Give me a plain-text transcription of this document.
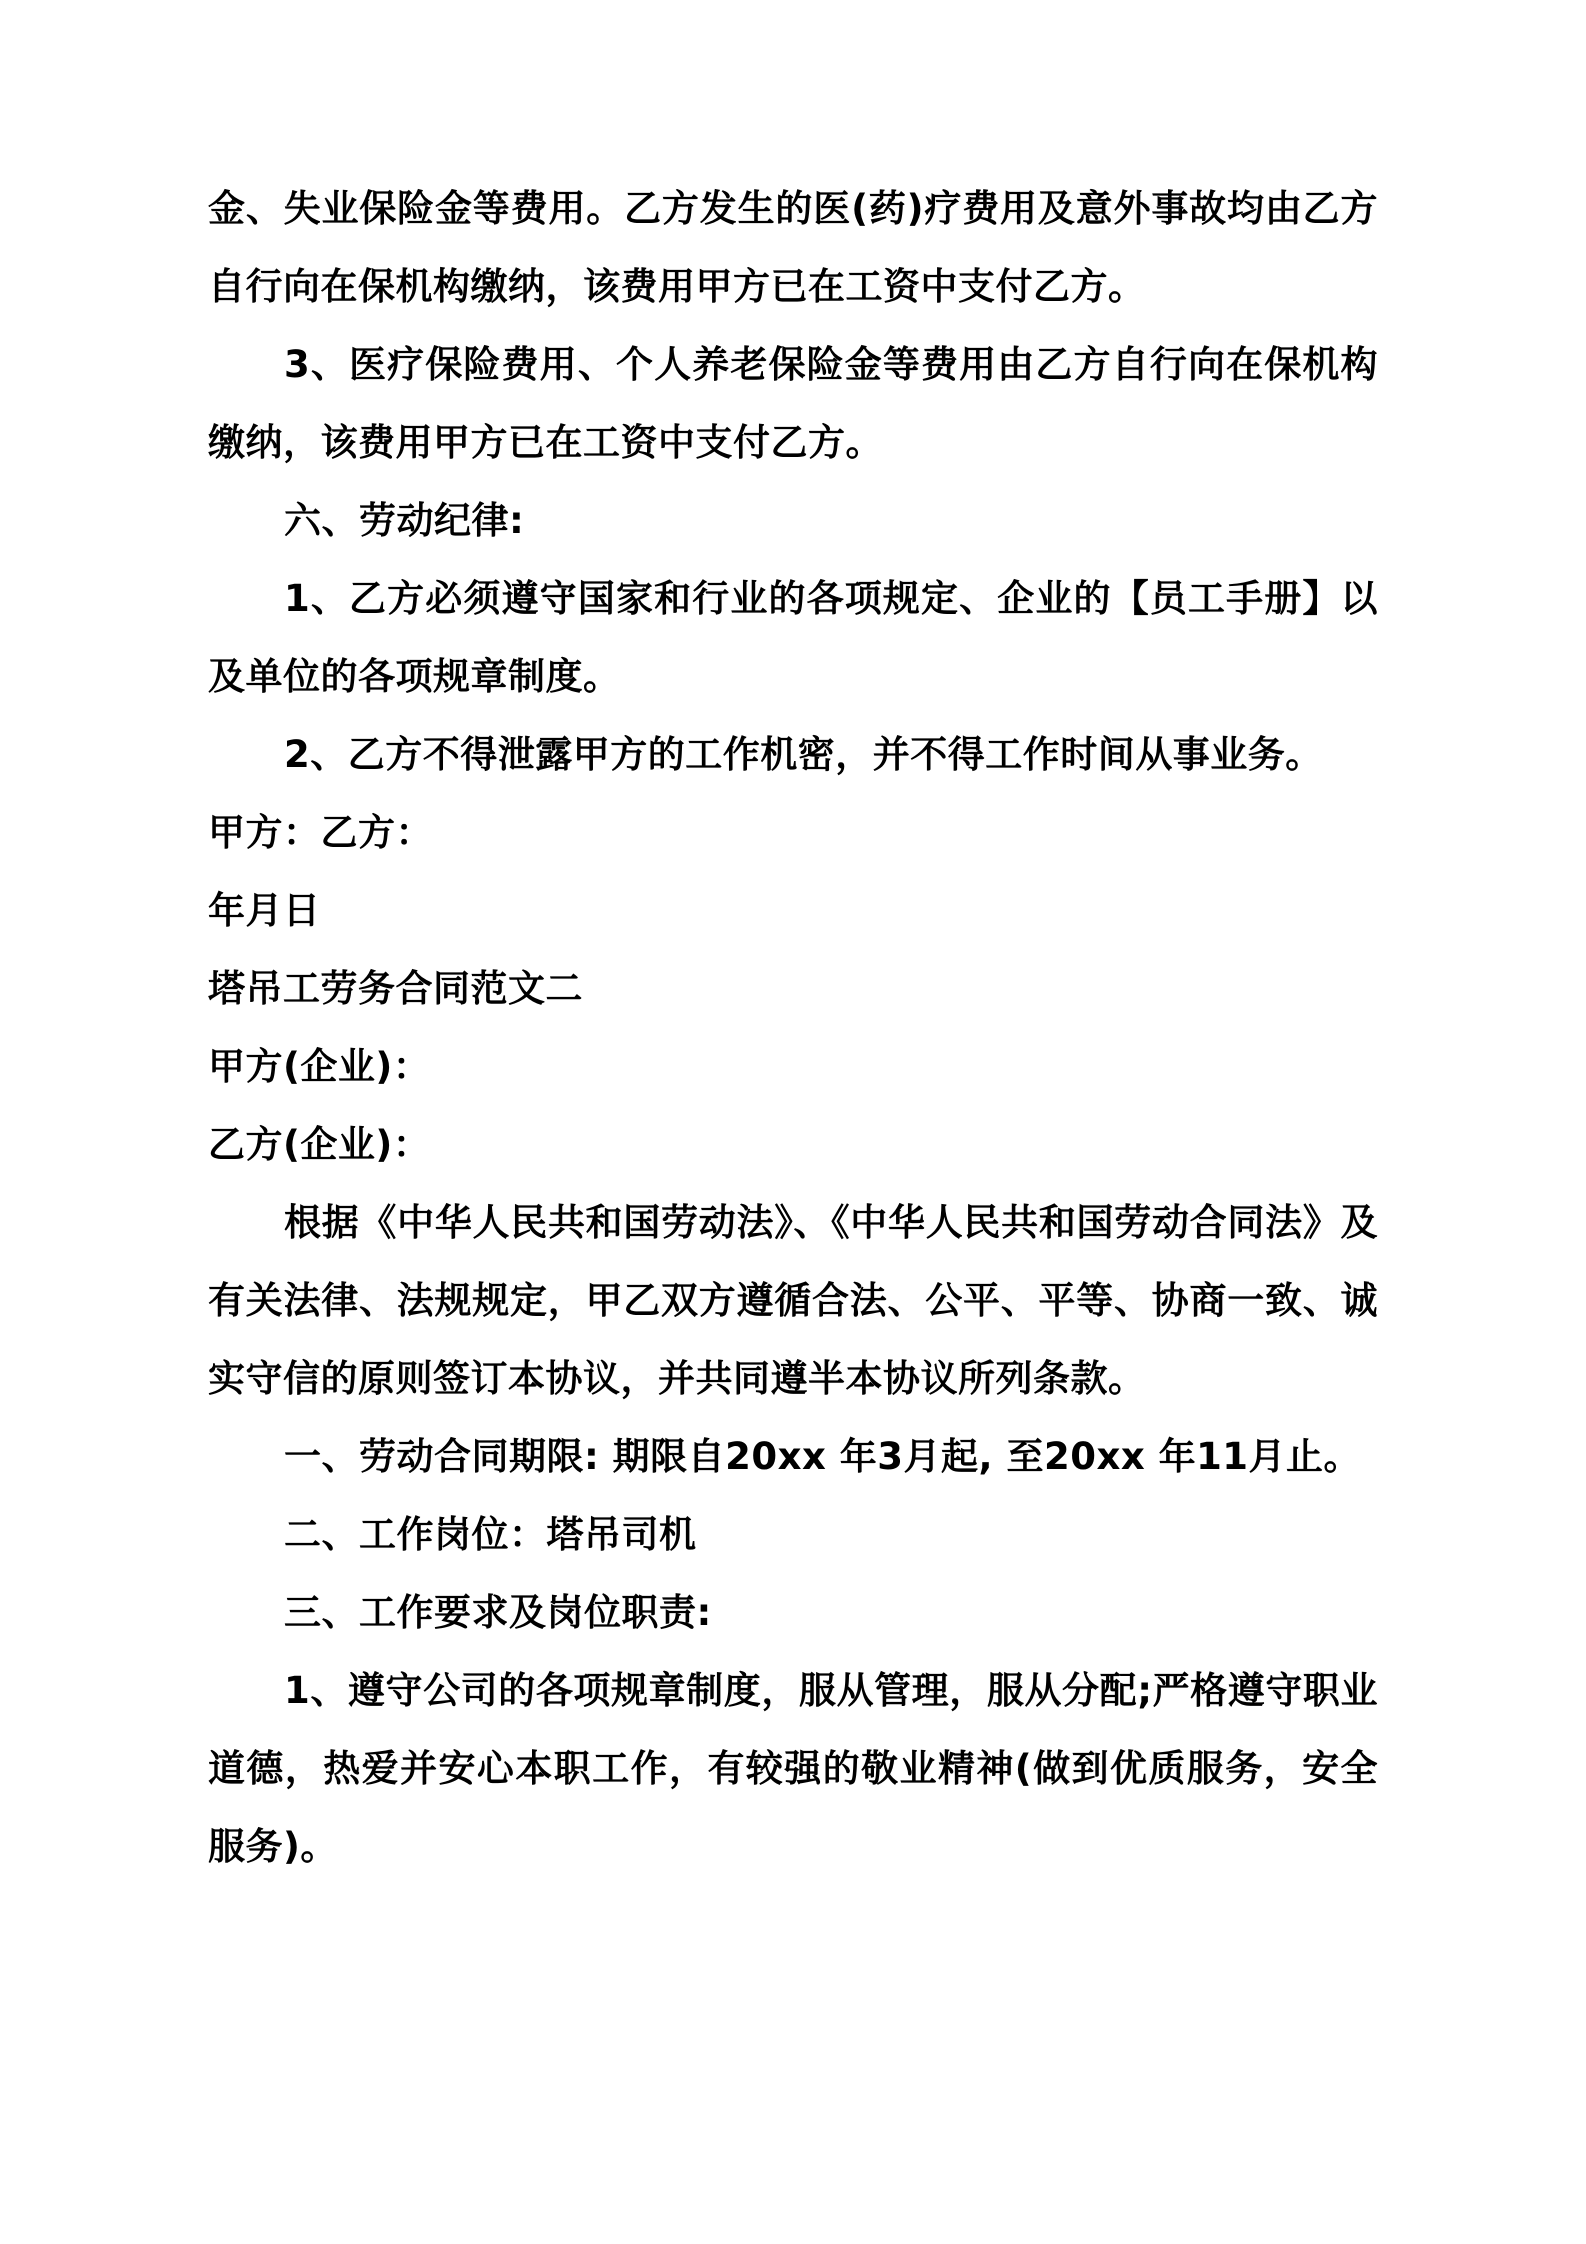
金、失业保险金等费用。乙方发生的医(药)疗费用及意外事故均由乙方自行向在保机构缴纳，该费用甲方已在工资中支付乙方。

3、医疗保险费用、个人养老保险金等费用由乙方自行向在保机构缴纳，该费用甲方已在工资中支付乙方。

六、劳动纪律:

1、乙方必须遵守国家和行业的各项规定、企业的【员工手册】以及单位的各项规章制度。

2、乙方不得泄露甲方的工作机密，并不得工作时间从事业务。

甲方：乙方：

年月日

塔吊工劳务合同范文二

甲方(企业)：

乙方(企业)：

根据《中华人民共和国劳动法》、《中华人民共和国劳动合同法》及有关法律、法规规定，甲乙双方遵循合法、公平、平等、协商一致、诚实守信的原则签订本协议，并共同遵半本协议所列条款。

一、劳动合同期限: 期限自20xx 年3月起, 至20xx 年11月止。

二、工作岗位：塔吊司机

三、工作要求及岗位职责:

1、遵守公司的各项规章制度，服从管理，服从分配;严格遵守职业道德，热爱并安心本职工作，有较强的敬业精神(做到优质服务，安全服务)。
